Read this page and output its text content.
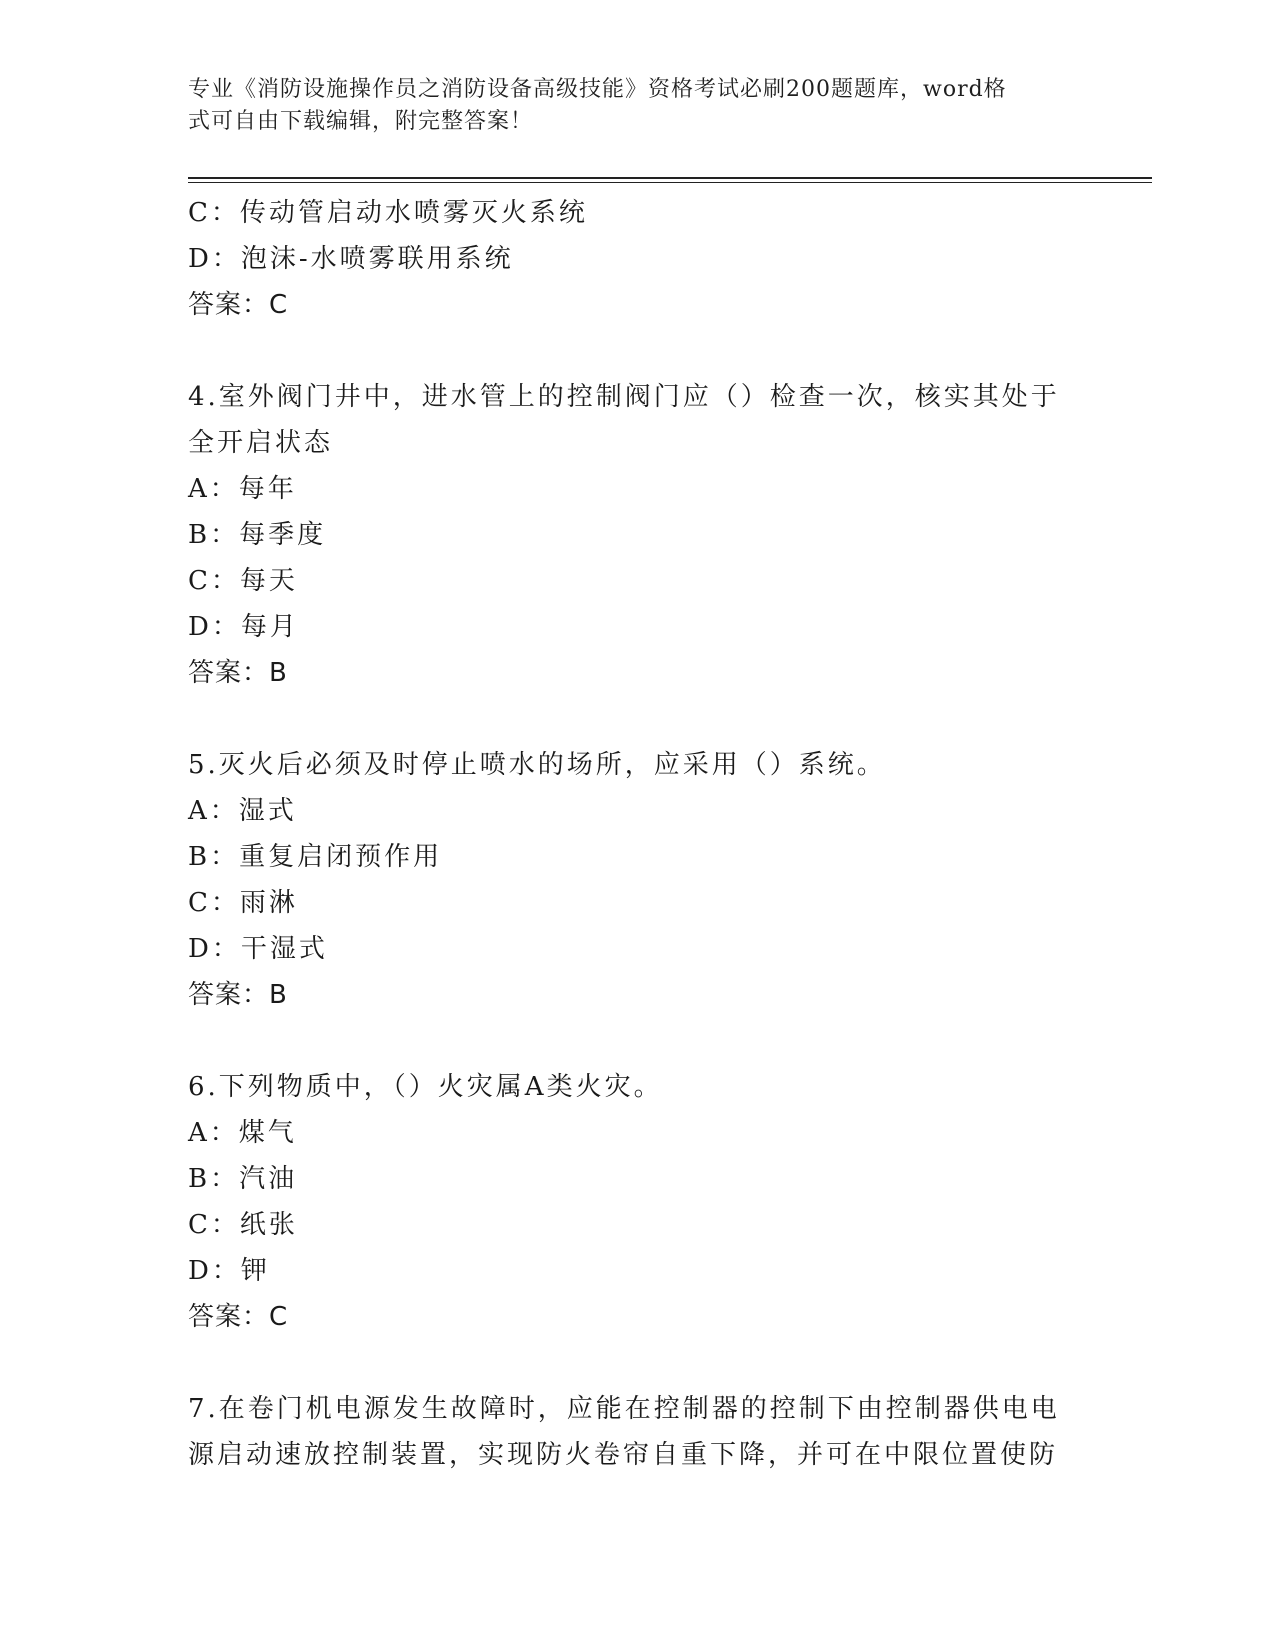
专业《消防设施操作员之消防设备高级技能》资格考试必刷200题题库，word格
式可自由下载编辑，附完整答案！
C：传动管启动水喷雾灭火系统
D：泡沫-水喷雾联用系统
答案：C
4.室外阀门井中，进水管上的控制阀门应（）检查一次，核实其处于
全开启状态
A：每年
B：每季度
C：每天
D：每月
答案：B
5.灭火后必须及时停止喷水的场所，应采用（）系统。
A：湿式
B：重复启闭预作用
C：雨淋
D：干湿式
答案：B
6.下列物质中，（）火灾属A类火灾。
A：煤气
B：汽油
C：纸张
D：钾
答案：C
7.在卷门机电源发生故障时，应能在控制器的控制下由控制器供电电
源启动速放控制装置，实现防火卷帘自重下降，并可在中限位置使防
